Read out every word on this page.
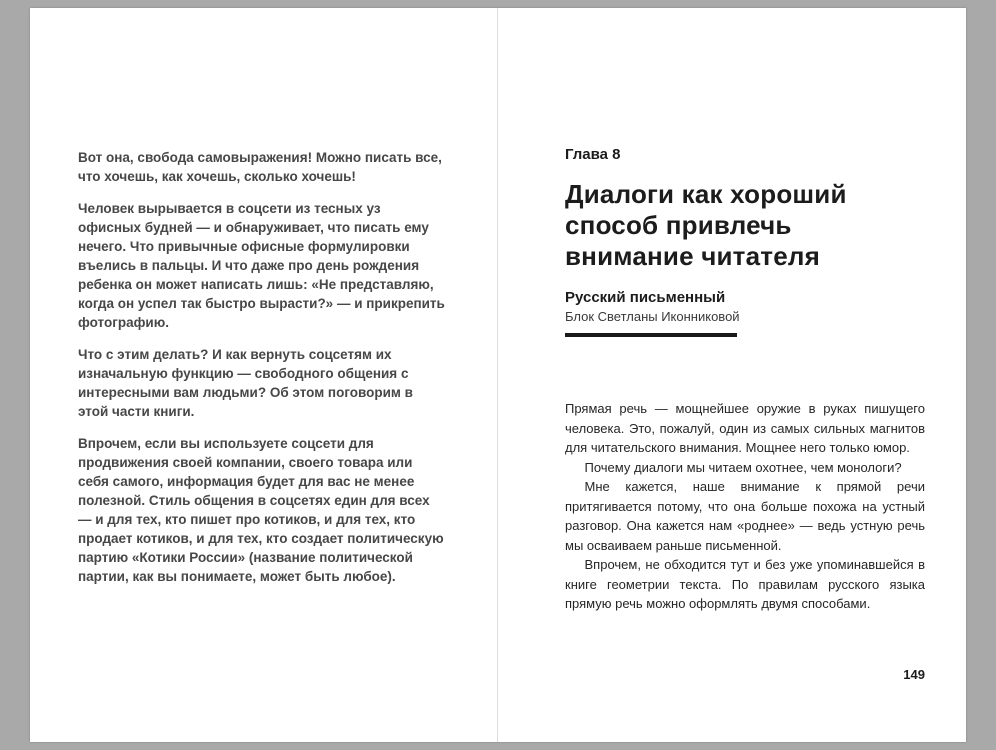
Вот она, свобода самовыражения! Можно писать все, что хочешь, как хочешь, сколько хочешь!

Человек вырывается в соцсети из тесных уз офисных будней — и обнаруживает, что писать ему нечего. Что привычные офисные формулировки въелись в пальцы. И что даже про день рождения ребенка он может написать лишь: «Не представляю, когда он успел так быстро вырасти?» — и прикрепить фотографию.

Что с этим делать? И как вернуть соцсетям их изначальную функцию — свободного общения с интересными вам людьми? Об этом поговорим в этой части книги.

Впрочем, если вы используете соцсети для продвижения своей компании, своего товара или себя самого, информация будет для вас не менее полезной. Стиль общения в соцсетях един для всех — и для тех, кто пишет про котиков, и для тех, кто продает котиков, и для тех, кто создает политическую партию «Котики России» (название политической партии, как вы понимаете, может быть любое).

Глава 8
Диалоги как хороший способ привлечь внимание читателя
Русский письменный
Блок Светланы Иконниковой

Прямая речь — мощнейшее оружие в руках пишущего человека. Это, пожалуй, один из самых сильных магнитов для читательского внимания. Мощнее него только юмор.

Почему диалоги мы читаем охотнее, чем монологи?

Мне кажется, наше внимание к прямой речи притягивается потому, что она больше похожа на устный разговор. Она кажется нам «роднее» — ведь устную речь мы осваиваем раньше письменной.

Впрочем, не обходится тут и без уже упоминавшейся в книге геометрии текста. По правилам русского языка прямую речь можно оформлять двумя способами.

149
